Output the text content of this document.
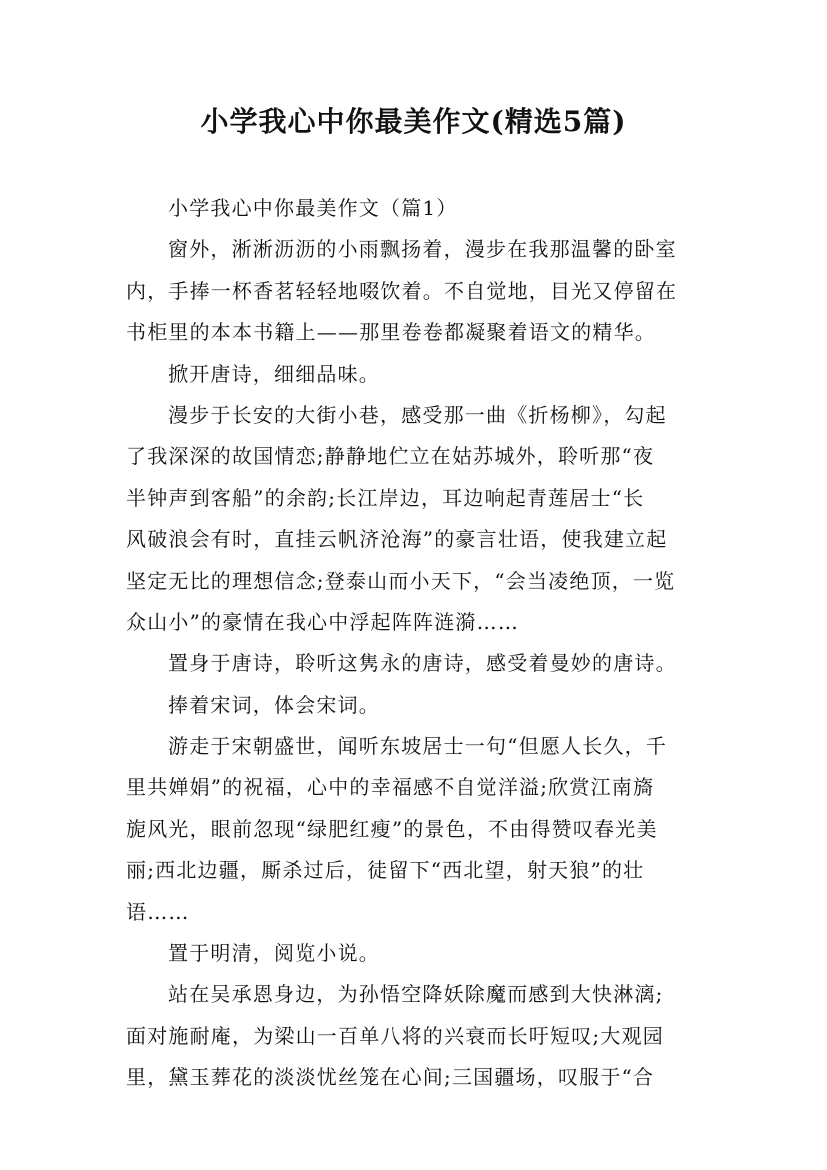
小学我心中你最美作文(精选5篇)
小学我心中你最美作文（篇1）
窗外，淅淅沥沥的小雨飘扬着，漫步在我那温馨的卧室
内，手捧一杯香茗轻轻地啜饮着。不自觉地，目光又停留在
书柜里的本本书籍上——那里卷卷都凝聚着语文的精华。
掀开唐诗，细细品味。
漫步于长安的大街小巷，感受那一曲《折杨柳》，勾起
了我深深的故国情恋;静静地伫立在姑苏城外，聆听那“夜
半钟声到客船”的余韵;长江岸边，耳边响起青莲居士“长
风破浪会有时，直挂云帆济沧海”的豪言壮语，使我建立起
坚定无比的理想信念;登泰山而小天下，“会当凌绝顶，一览
众山小”的豪情在我心中浮起阵阵涟漪……
置身于唐诗，聆听这隽永的唐诗，感受着曼妙的唐诗。
捧着宋词，体会宋词。
游走于宋朝盛世，闻听东坡居士一句“但愿人长久，千
里共婵娟”的祝福，心中的幸福感不自觉洋溢;欣赏江南旖
旎风光，眼前忽现“绿肥红瘦”的景色，不由得赞叹春光美
丽;西北边疆，厮杀过后，徒留下“西北望，射天狼”的壮
语……
置于明清，阅览小说。
站在吴承恩身边，为孙悟空降妖除魔而感到大快淋漓;
面对施耐庵，为梁山一百单八将的兴衰而长吁短叹;大观园
里，黛玉葬花的淡淡忧丝笼在心间;三国疆场，叹服于“合
